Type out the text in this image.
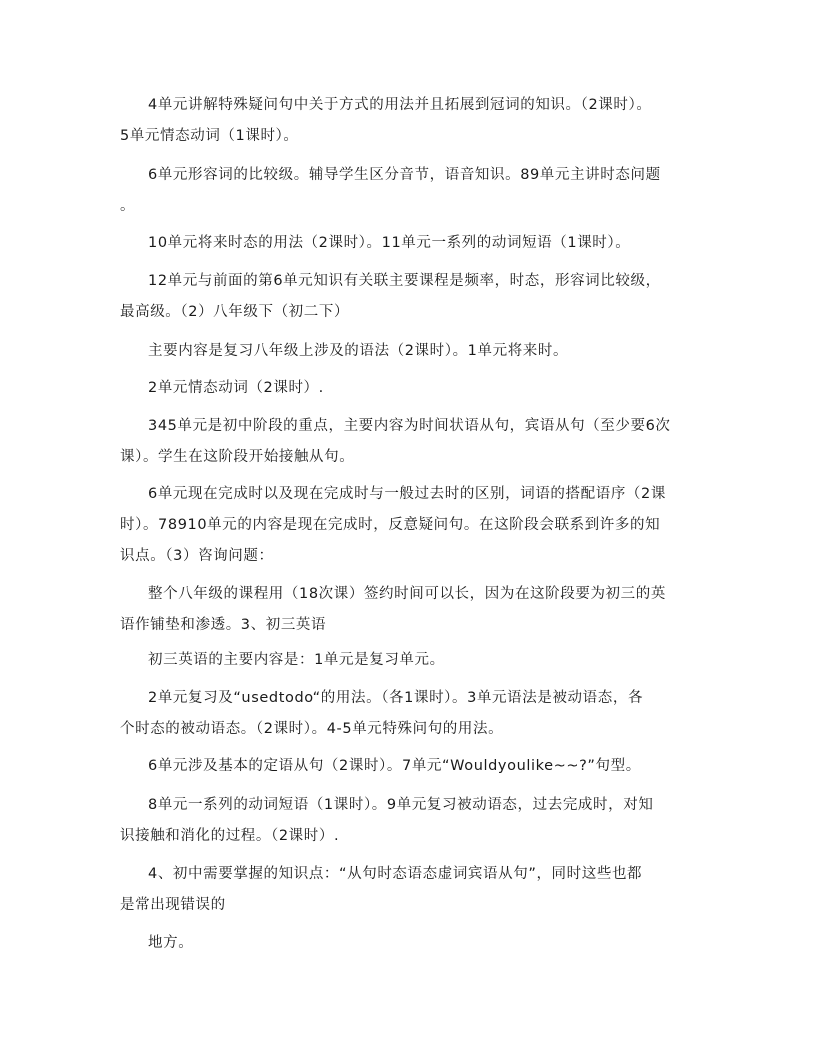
4单元讲解特殊疑问句中关于方式的用法并且拓展到冠词的知识。（2课时）。
5单元情态动词（1课时）。
6单元形容词的比较级。辅导学生区分音节，语音知识。89单元主讲时态问题
。
10单元将来时态的用法（2课时）。11单元一系列的动词短语（1课时）。
12单元与前面的第6单元知识有关联主要课程是频率，时态，形容词比较级，
最高级。（2）八年级下（初二下）
主要内容是复习八年级上涉及的语法（2课时）。1单元将来时。
2单元情态动词（2课时）.
345单元是初中阶段的重点，主要内容为时间状语从句，宾语从句（至少要6次
课）。学生在这阶段开始接触从句。
6单元现在完成时以及现在完成时与一般过去时的区别，词语的搭配语序（2课
时）。78910单元的内容是现在完成时，反意疑问句。在这阶段会联系到许多的知
识点。（3）咨询问题：
整个八年级的课程用（18次课）签约时间可以长，因为在这阶段要为初三的英
语作铺垫和渗透。3、初三英语
初三英语的主要内容是：1单元是复习单元。
2单元复习及“usedtodo“的用法。（各1课时）。3单元语法是被动语态，各
个时态的被动语态。（2课时）。4-5单元特殊问句的用法。
6单元涉及基本的定语从句（2课时）。7单元“Wouldyoulike~~?”句型。
8单元一系列的动词短语（1课时）。9单元复习被动语态，过去完成时，对知
识接触和消化的过程。（2课时）.
4、初中需要掌握的知识点：“从句时态语态虚词宾语从句”，同时这些也都
是常出现错误的
地方。
